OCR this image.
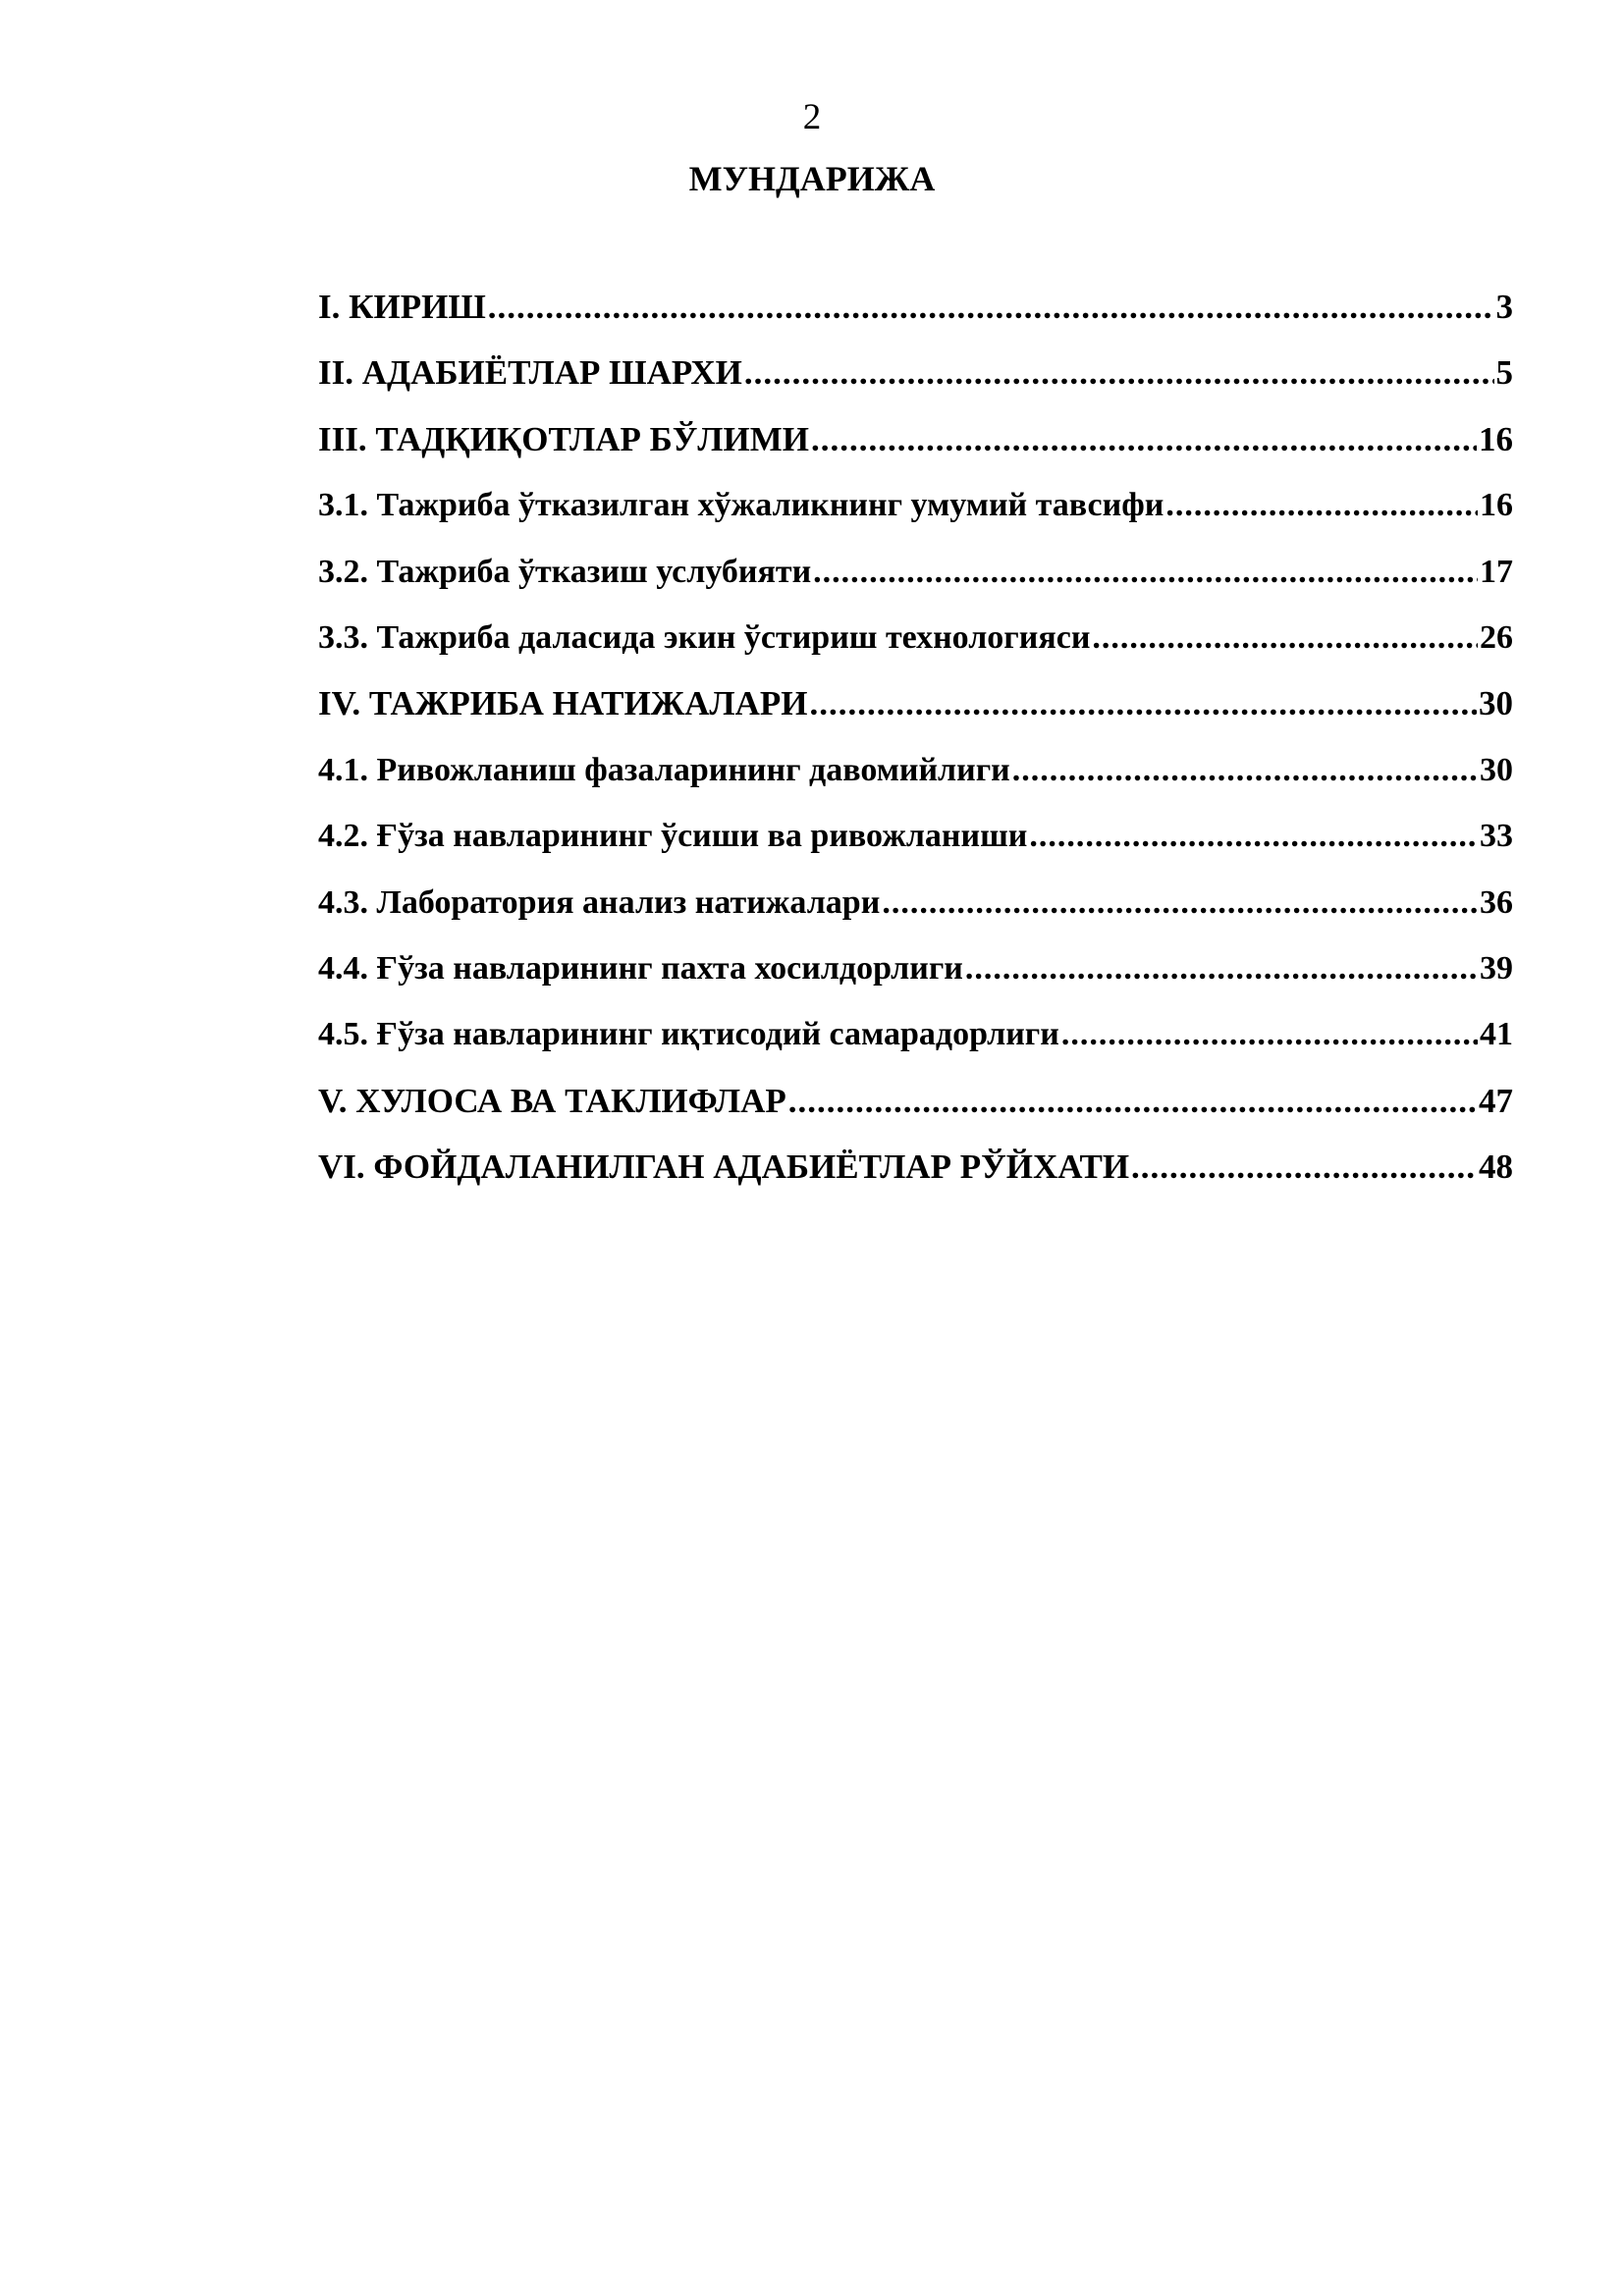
2
МУНДАРИЖА
I. КИРИШ .....	3
II. АДАБИЁТЛАР ШАРХИ .....	5
III. ТАДҚИҚОТЛАР БЎЛИМИ .....	16
3.1. Тажриба ўтказилган хўжаликнинг умумий тавсифи .....	16
3.2. Тажриба ўтказиш услубияти .....	17
3.3. Тажриба даласида экин ўстириш технологияси .....	26
IV. ТАЖРИБА НАТИЖАЛАРИ .....	30
4.1. Ривожланиш фазаларининг давомийлиги .....	30
4.2. Ғўза навларининг ўсиши ва ривожланиши .....	33
4.3. Лаборатория анализ натижалари .....	36
4.4. Ғўза навларининг пахта хосилдорлиги .....	39
4.5. Ғўза навларининг иқтисодий самарадорлиги .....	41
V. ХУЛОСА ВА ТАКЛИФЛАР .....	47
VI. ФОЙДАЛАНИЛГАН АДАБИЁТЛАР РЎЙХАТИ .....	48
